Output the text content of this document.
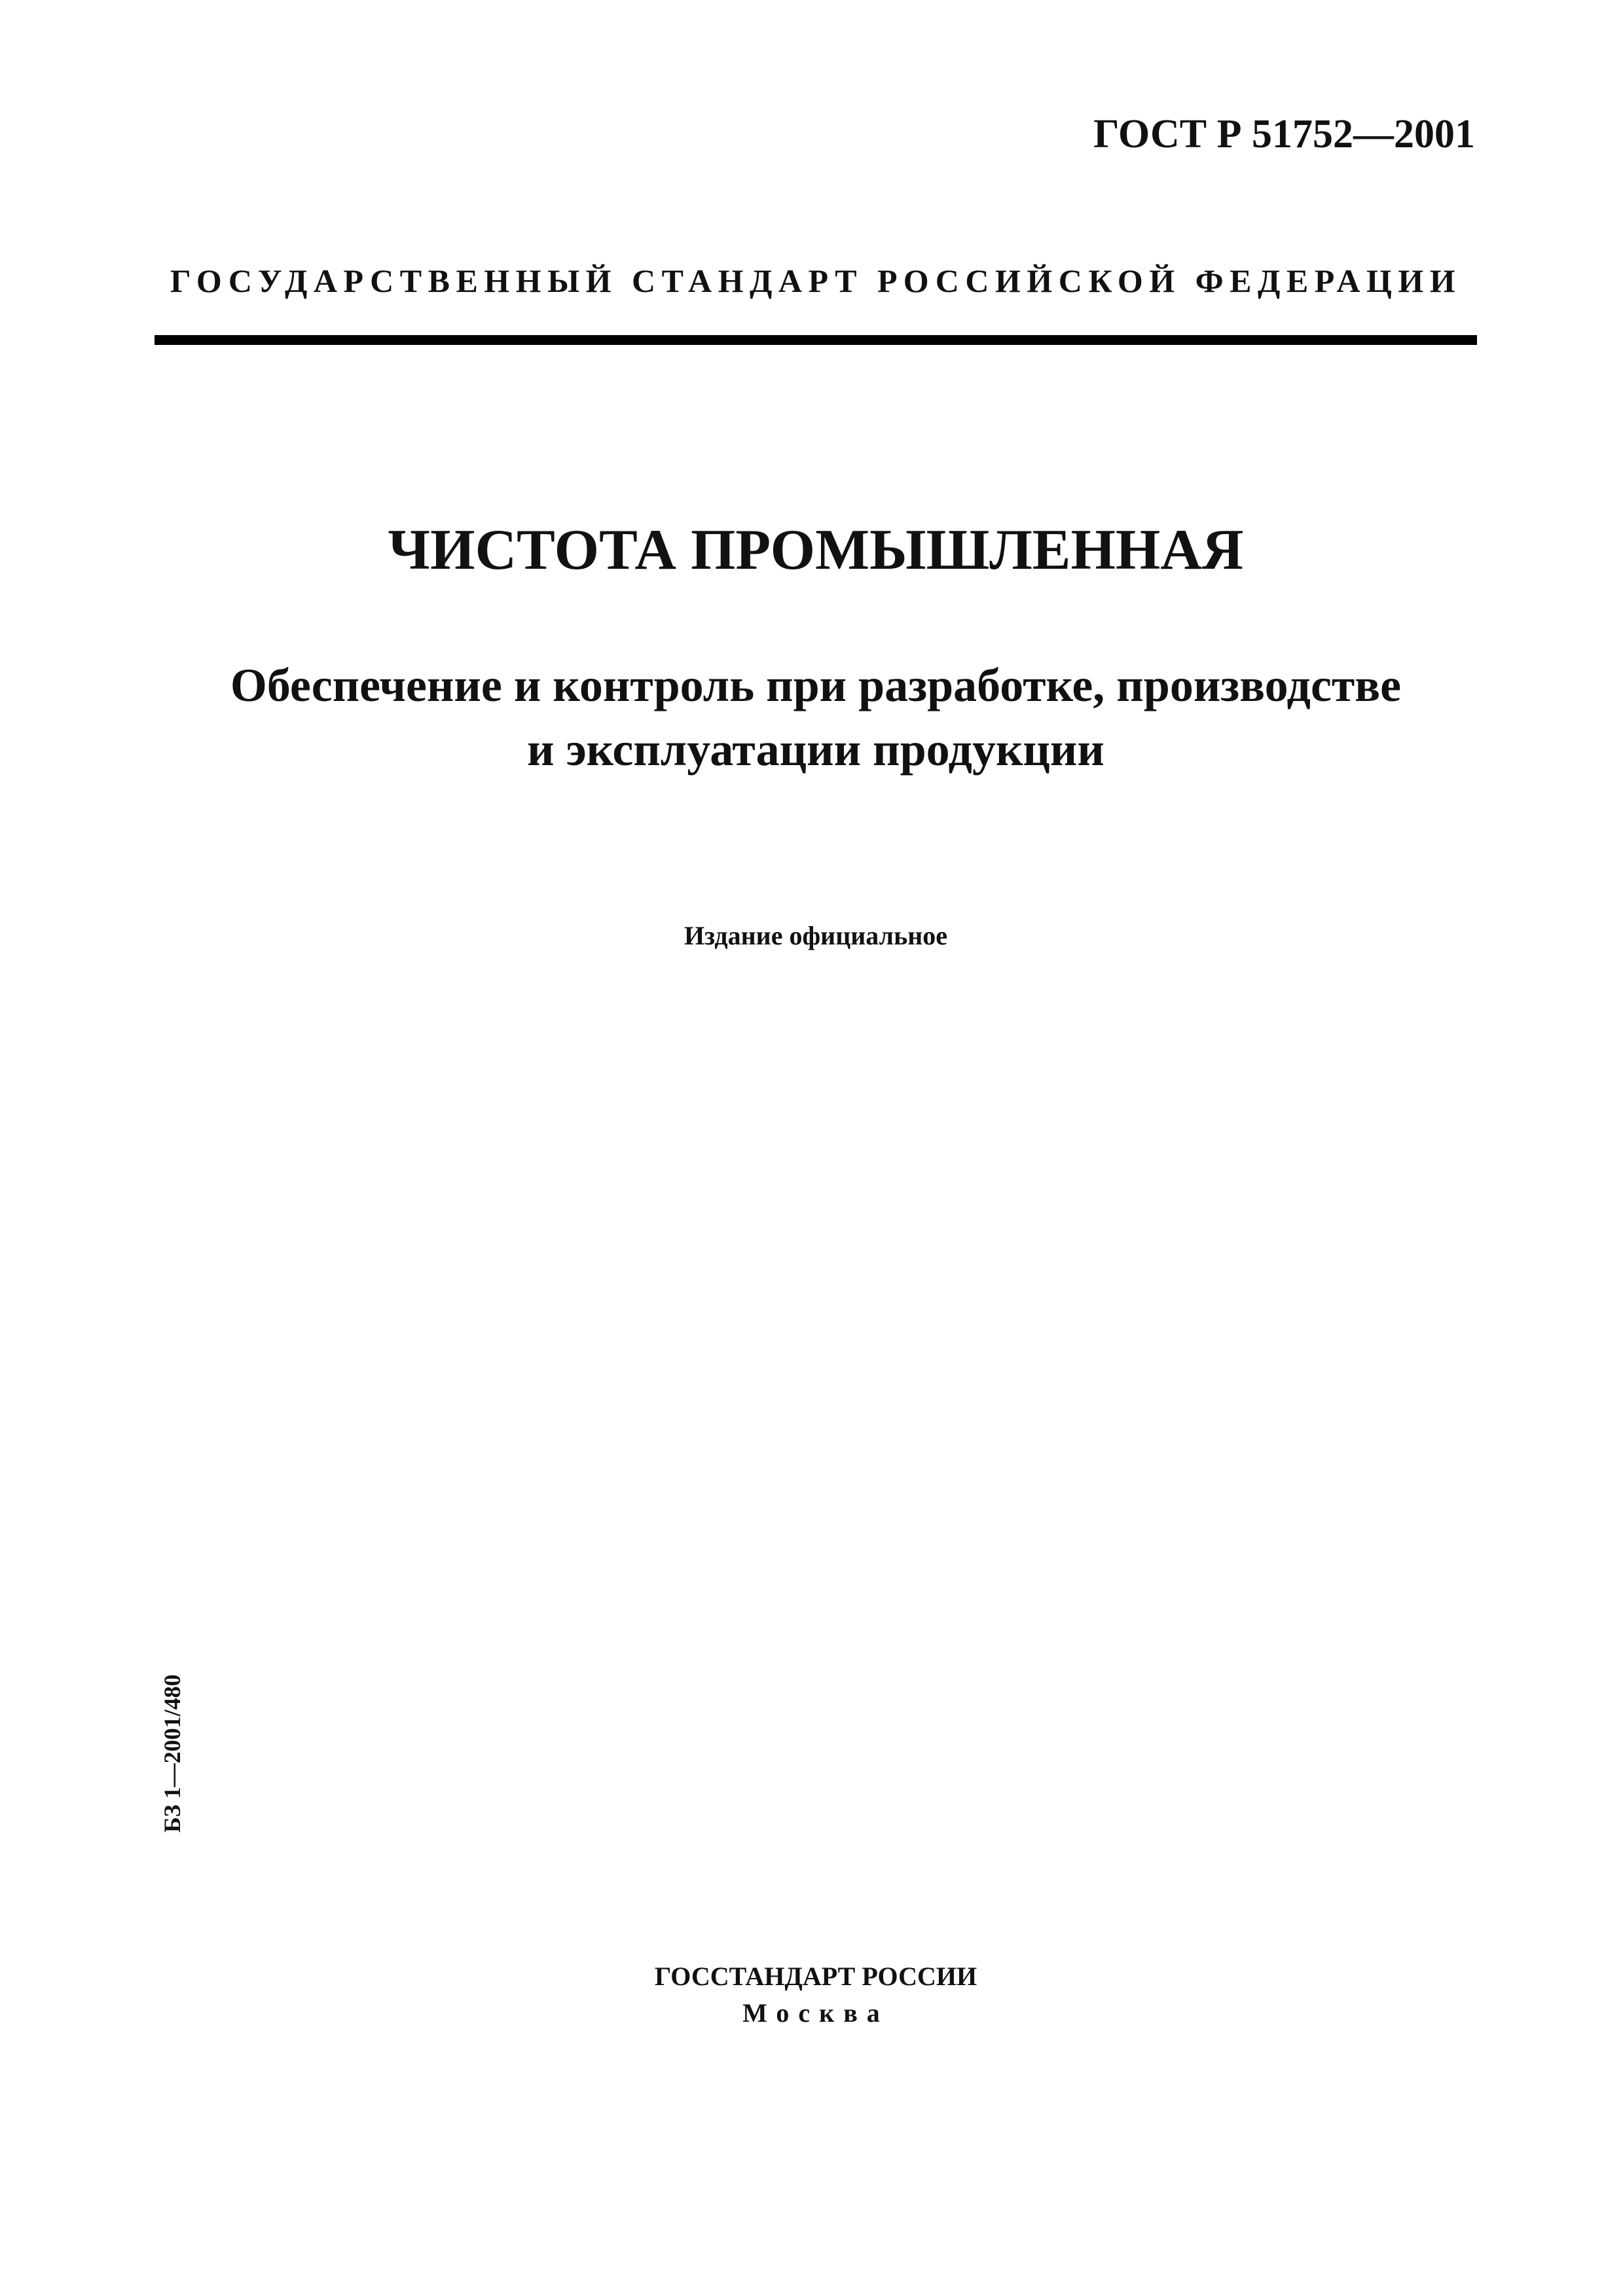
ГОСТ Р 51752—2001
ГОСУДАРСТВЕННЫЙ СТАНДАРТ РОССИЙСКОЙ ФЕДЕРАЦИИ
ЧИСТОТА ПРОМЫШЛЕННАЯ
Обеспечение и контроль при разработке, производстве
и эксплуатации продукции
Издание официальное
БЗ 1—2001/480
ГОССТАНДАРТ РОССИИ
Москва
